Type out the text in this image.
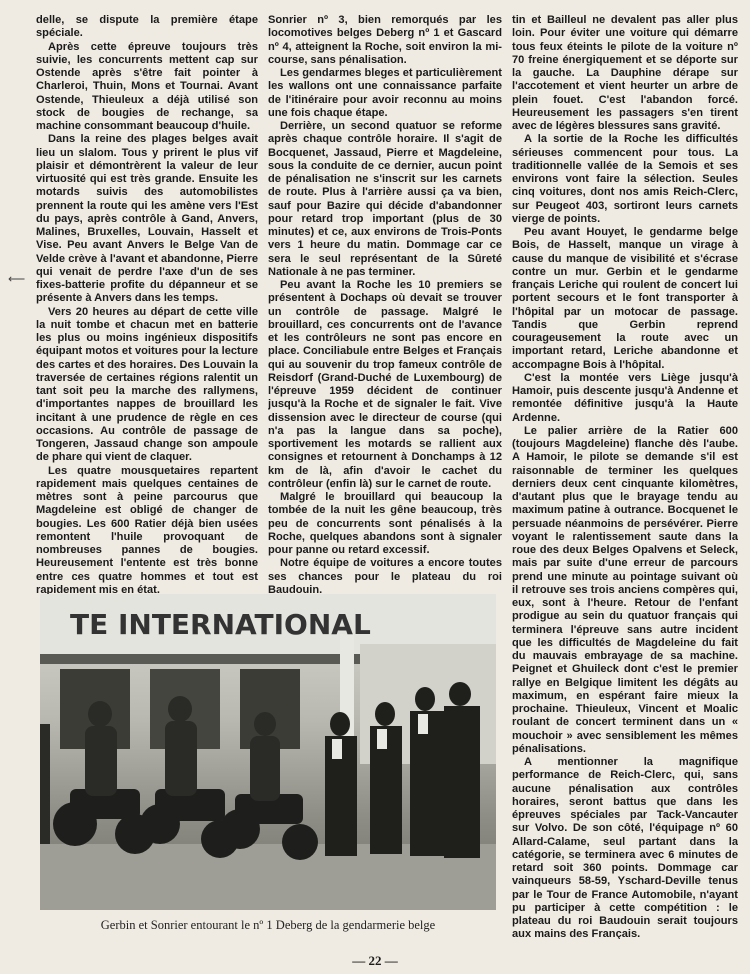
⟵

delle, se dispute la première étape spéciale.

Après cette épreuve toujours très suivie, les concurrents mettent cap sur Ostende après s'être fait pointer à Charleroi, Thuin, Mons et Tournai. Avant Ostende, Thieuleux a déjà utilisé son stock de bougies de rechange, sa machine consommant beaucoup d'huile.

Dans la reine des plages belges avait lieu un slalom. Tous y prirent le plus vif plaisir et démontrèrent la valeur de leur virtuosité qui est très grande. Ensuite les motards suivis des automobilistes prennent la route qui les amène vers l'Est du pays, après contrôle à Gand, Anvers, Malines, Bruxelles, Louvain, Hasselt et Vise. Peu avant Anvers le Belge Van de Velde crève à l'avant et abandonne, Pierre qui venait de perdre l'axe d'un de ses fixes-batterie profite du dépanneur et se présente à Anvers dans les temps.

Vers 20 heures au départ de cette ville la nuit tombe et chacun met en batterie les plus ou moins ingénieux dispositifs équipant motos et voitures pour la lecture des cartes et des horaires. Des Louvain la traversée de certaines régions ralentit un tant soit peu la marche des rallymens, d'importantes nappes de brouillard les incitant à une prudence de règle en ces occasions. Au contrôle de passage de Tongeren, Jassaud change son ampoule de phare qui vient de claquer.

Les quatre mousquetaires repartent rapidement mais quelques centaines de mètres sont à peine parcourus que Magdeleine est obligé de changer de bougies. Les 600 Ratier déjà bien usées remontent l'huile provoquant de nombreuses pannes de bougies. Heureusement l'entente est très bonne entre ces quatre hommes et tout est rapidement mis en état.

Sonrier nº 3, bien remorqués par les locomotives belges Deberg nº 1 et Gascard nº 4, atteignent la Roche, soit environ la mi-course, sans pénalisation.

Les gendarmes bleges et particulièrement les wallons ont une connaissance parfaite de l'itinéraire pour avoir reconnu au moins une fois chaque étape.

Derrière, un second quatuor se reforme après chaque contrôle horaire. Il s'agit de Bocquenet, Jassaud, Pierre et Magdeleine, sous la conduite de ce dernier, aucun point de pénalisation ne s'inscrit sur les carnets de route. Plus à l'arrière aussi ça va bien, sauf pour Bazire qui décide d'abandonner pour retard trop important (plus de 30 minutes) et ce, aux environs de Trois-Ponts vers 1 heure du matin. Dommage car ce sera le seul représentant de la Sûreté Nationale à ne pas terminer.

Peu avant la Roche les 10 premiers se présentent à Dochaps où devait se trouver un contrôle de passage. Malgré le brouillard, ces concurrents ont de l'avance et les contrôleurs ne sont pas encore en place. Conciliabule entre Belges et Français qui au souvenir du trop fameux contrôle de Reisdorf (Grand-Duché de Luxembourg) de l'épreuve 1959 décident de continuer jusqu'à la Roche et de signaler le fait. Vive dissension avec le directeur de course (qui n'a pas la langue dans sa poche), sportivement les motards se rallient aux consignes et retournent à Donchamps à 12 km de là, afin d'avoir le cachet du contrôleur (enfin là) sur le carnet de route.

Malgré le brouillard qui beaucoup la tombée de la nuit les gêne beaucoup, très peu de concurrents sont pénalisés à la Roche, quelques abandons sont à signaler pour panne ou retard excessif.

Notre équipe de voitures a encore toutes ses chances pour le plateau du roi Baudouin.

tin et Bailleul ne devalent pas aller plus loin. Pour éviter une voiture qui démarre tous feux éteints le pilote de la voiture nº 70 freine énergiquement et se déporte sur la gauche. La Dauphine dérape sur l'accotement et vient heurter un arbre de plein fouet. C'est l'abandon forcé. Heureusement les passagers s'en tirent avec de légères blessures sans gravité.

A la sortie de la Roche les difficultés sérieuses commencent pour tous. La traditionnelle vallée de la Semois et ses environs vont faire la sélection. Seules cinq voitures, dont nos amis Reich-Clerc, sur Peugeot 403, sortiront leurs carnets vierge de points.

Peu avant Houyet, le gendarme belge Bois, de Hasselt, manque un virage à cause du manque de visibilité et s'écrase contre un mur. Gerbin et le gendarme français Leriche qui roulent de concert lui portent secours et le font transporter à l'hôpital par un motocar de passage. Tandis que Gerbin reprend courageusement la route avec un important retard, Leriche abandonne et accompagne Bois à l'hôpital.

C'est la montée vers Liège jusqu'à Hamoir, puis descente jusqu'à Andenne et remontée définitive jusqu'à la Haute Ardenne.

Le palier arrière de la Ratier 600 (toujours Magdeleine) flanche dès l'aube. A Hamoir, le pilote se demande s'il est raisonnable de terminer les quelques derniers deux cent cinquante kilomètres, d'autant plus que le brayage tendu au maximum patine à outrance. Bocquenet le persuade néanmoins de persévérer. Pierre voyant le ralentissement saute dans la roue des deux Belges Opalvens et Seleck, mais par suite d'une erreur de parcours prend une minute au pointage suivant où il retrouve ses trois anciens compères qui, eux, sont à l'heure. Retour de l'enfant prodigue au sein du quatuor français qui terminera l'épreuve sans autre incident que les difficultés de Magdeleine du fait du mauvais embrayage de sa machine. Peignet et Ghuileck dont c'est le premier rallye en Belgique limitent les dégâts au maximum, en espérant faire mieux la prochaine. Thieuleux, Vincent et Moalic roulant de concert terminent dans un « mouchoir » avec sensiblement les mêmes pénalisations.

A mentionner la magnifique performance de Reich-Clerc, qui, sans aucune pénalisation aux contrôles horaires, seront battus que dans les épreuves spéciales par Tack-Vancauter sur Volvo. De son côté, l'équipage nº 60 Allard-Calame, seul partant dans la catégorie, se terminera avec 6 minutes de retard soit 360 points. Dommage car vainqueurs 58-59, Yschard-Deville tenus par le Tour de France Automobile, n'ayant pu participer à cette compétition : le plateau du roi Baudouin serait toujours aux mains des Français.

TE INTERNATIONAL
Gerbin et Sonrier entourant le nº 1 Deberg de la gendarmerie belge
— 22 —
